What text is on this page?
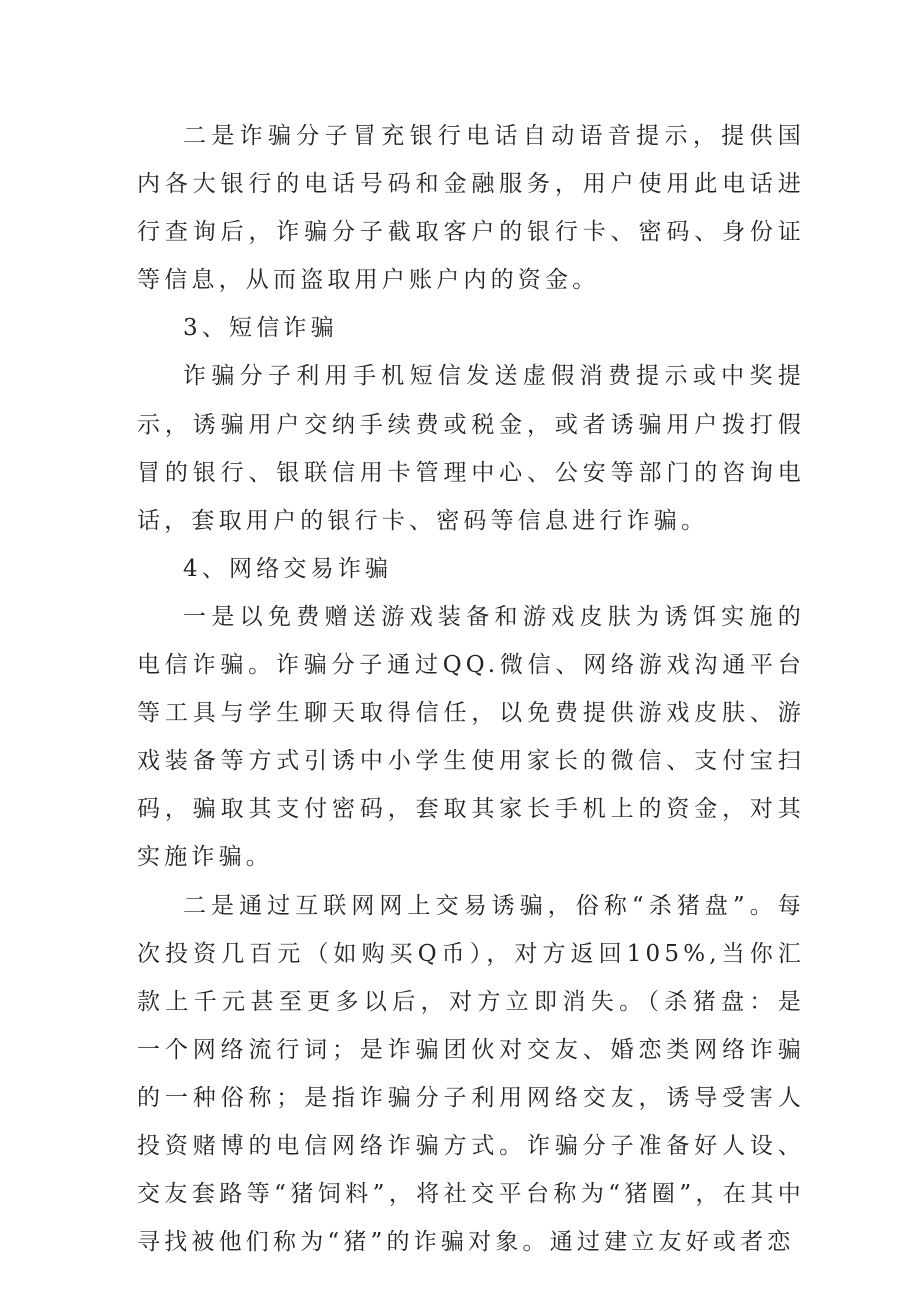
二是诈骗分子冒充银行电话自动语音提示，提供国内各大银行的电话号码和金融服务，用户使用此电话进行查询后，诈骗分子截取客户的银行卡、密码、身份证等信息，从而盗取用户账户内的资金。

3、短信诈骗

诈骗分子利用手机短信发送虚假消费提示或中奖提示，诱骗用户交纳手续费或税金，或者诱骗用户拨打假冒的银行、银联信用卡管理中心、公安等部门的咨询电话，套取用户的银行卡、密码等信息进行诈骗。

4、网络交易诈骗

一是以免费赠送游戏装备和游戏皮肤为诱饵实施的电信诈骗。诈骗分子通过QQ.微信、网络游戏沟通平台等工具与学生聊天取得信任，以免费提供游戏皮肤、游戏装备等方式引诱中小学生使用家长的微信、支付宝扫码，骗取其支付密码，套取其家长手机上的资金，对其实施诈骗。

二是通过互联网网上交易诱骗，俗称“杀猪盘”。每次投资几百元（如购买Q币），对方返回105%,当你汇款上千元甚至更多以后，对方立即消失。（杀猪盘：是一个网络流行词；是诈骗团伙对交友、婚恋类网络诈骗的一种俗称；是指诈骗分子利用网络交友，诱导受害人投资赌博的电信网络诈骗方式。诈骗分子准备好人设、交友套路等“猪饲料”，将社交平台称为“猪圈”，在其中寻找被他们称为“猪”的诈骗对象。通过建立友好或者恋
